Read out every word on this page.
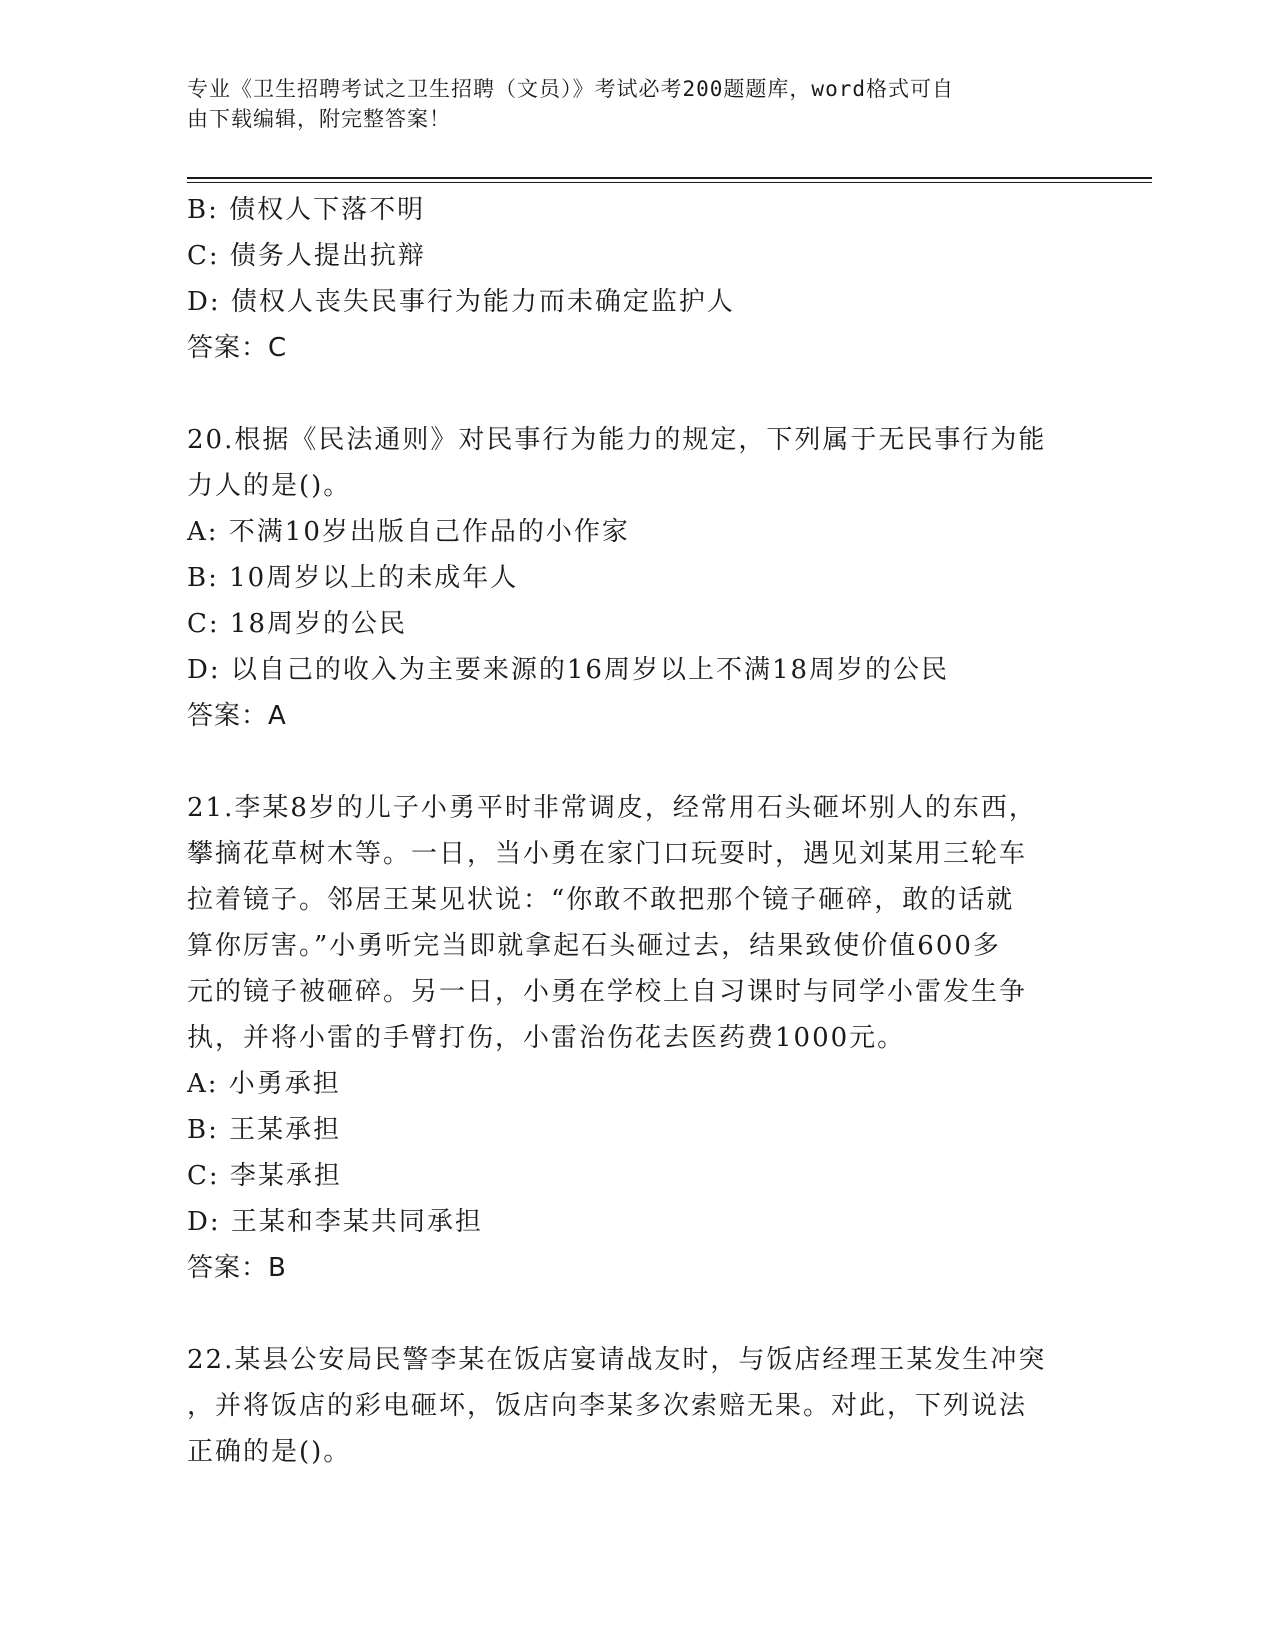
专业《卫生招聘考试之卫生招聘（文员）》考试必考200题题库，word格式可自
由下载编辑，附完整答案！
B: 债权人下落不明
C: 债务人提出抗辩
D: 债权人丧失民事行为能力而未确定监护人
答案：C
20.根据《民法通则》对民事行为能力的规定，下列属于无民事行为能
力人的是()。
A: 不满10岁出版自己作品的小作家
B: 10周岁以上的未成年人
C: 18周岁的公民
D: 以自己的收入为主要来源的16周岁以上不满18周岁的公民
答案：A
21.李某8岁的儿子小勇平时非常调皮，经常用石头砸坏别人的东西，
攀摘花草树木等。一日，当小勇在家门口玩耍时，遇见刘某用三轮车
拉着镜子。邻居王某见状说：“你敢不敢把那个镜子砸碎，敢的话就
算你厉害。”小勇听完当即就拿起石头砸过去，结果致使价值600多
元的镜子被砸碎。另一日，小勇在学校上自习课时与同学小雷发生争
执，并将小雷的手臂打伤，小雷治伤花去医药费1000元。
A: 小勇承担
B: 王某承担
C: 李某承担
D: 王某和李某共同承担
答案：B
22.某县公安局民警李某在饭店宴请战友时，与饭店经理王某发生冲突
，并将饭店的彩电砸坏，饭店向李某多次索赔无果。对此，下列说法
正确的是()。
